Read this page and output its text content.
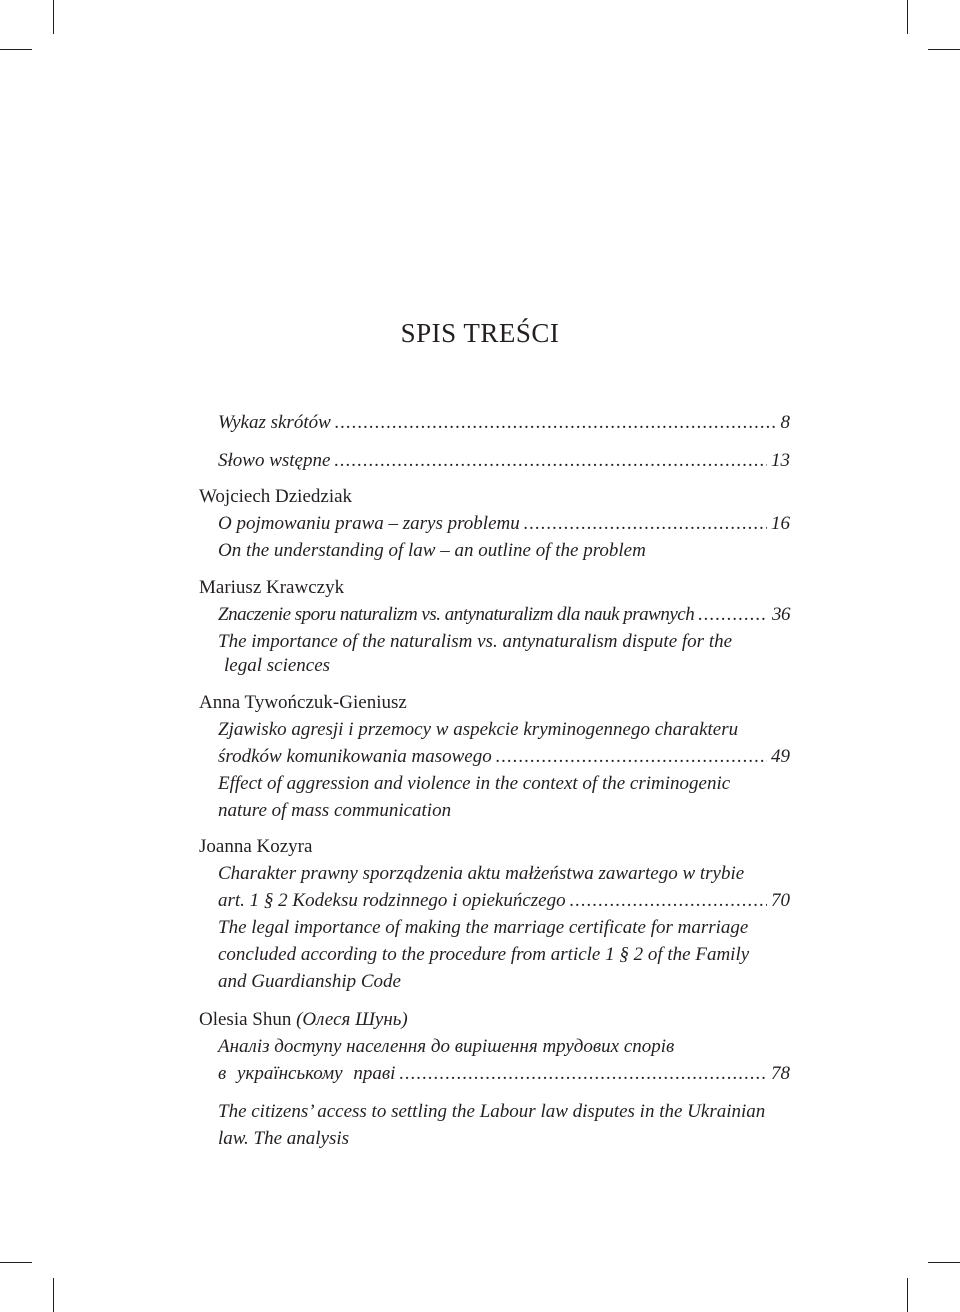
SPIS TREŚCI
Wykaz skrótów .....	8
Słowo wstępne .....	13
Wojciech Dziedziak
O pojmowaniu prawa – zarys problemu .....	16
On the understanding of law – an outline of the problem
Mariusz Krawczyk
Znaczenie sporu naturalizm vs. antynaturalizm dla nauk prawnych .....	36
The importance of the naturalism vs. antynaturalism dispute for the
legal sciences
Anna Tywończuk-Gieniusz
Zjawisko agresji i przemocy w aspekcie kryminogennego charakteru
środków komunikowania masowego .....	49
Effect of aggression and violence in the context of the criminogenic
nature of mass communication
Joanna Kozyra
Charakter prawny sporządzenia aktu małżeństwa zawartego w trybie
art. 1 § 2 Kodeksu rodzinnego i opiekuńczego .....	70
The legal importance of making the marriage certificate for marriage
concluded according to the procedure from article 1 § 2 of the Family
and Guardianship Code
Olesia Shun (Олеся Шунь)
Аналіз доступу населення до вирішення трудових спорів
в українському праві .....	78
The citizens’ access to settling the Labour law disputes in the Ukrainian
law. The analysis
